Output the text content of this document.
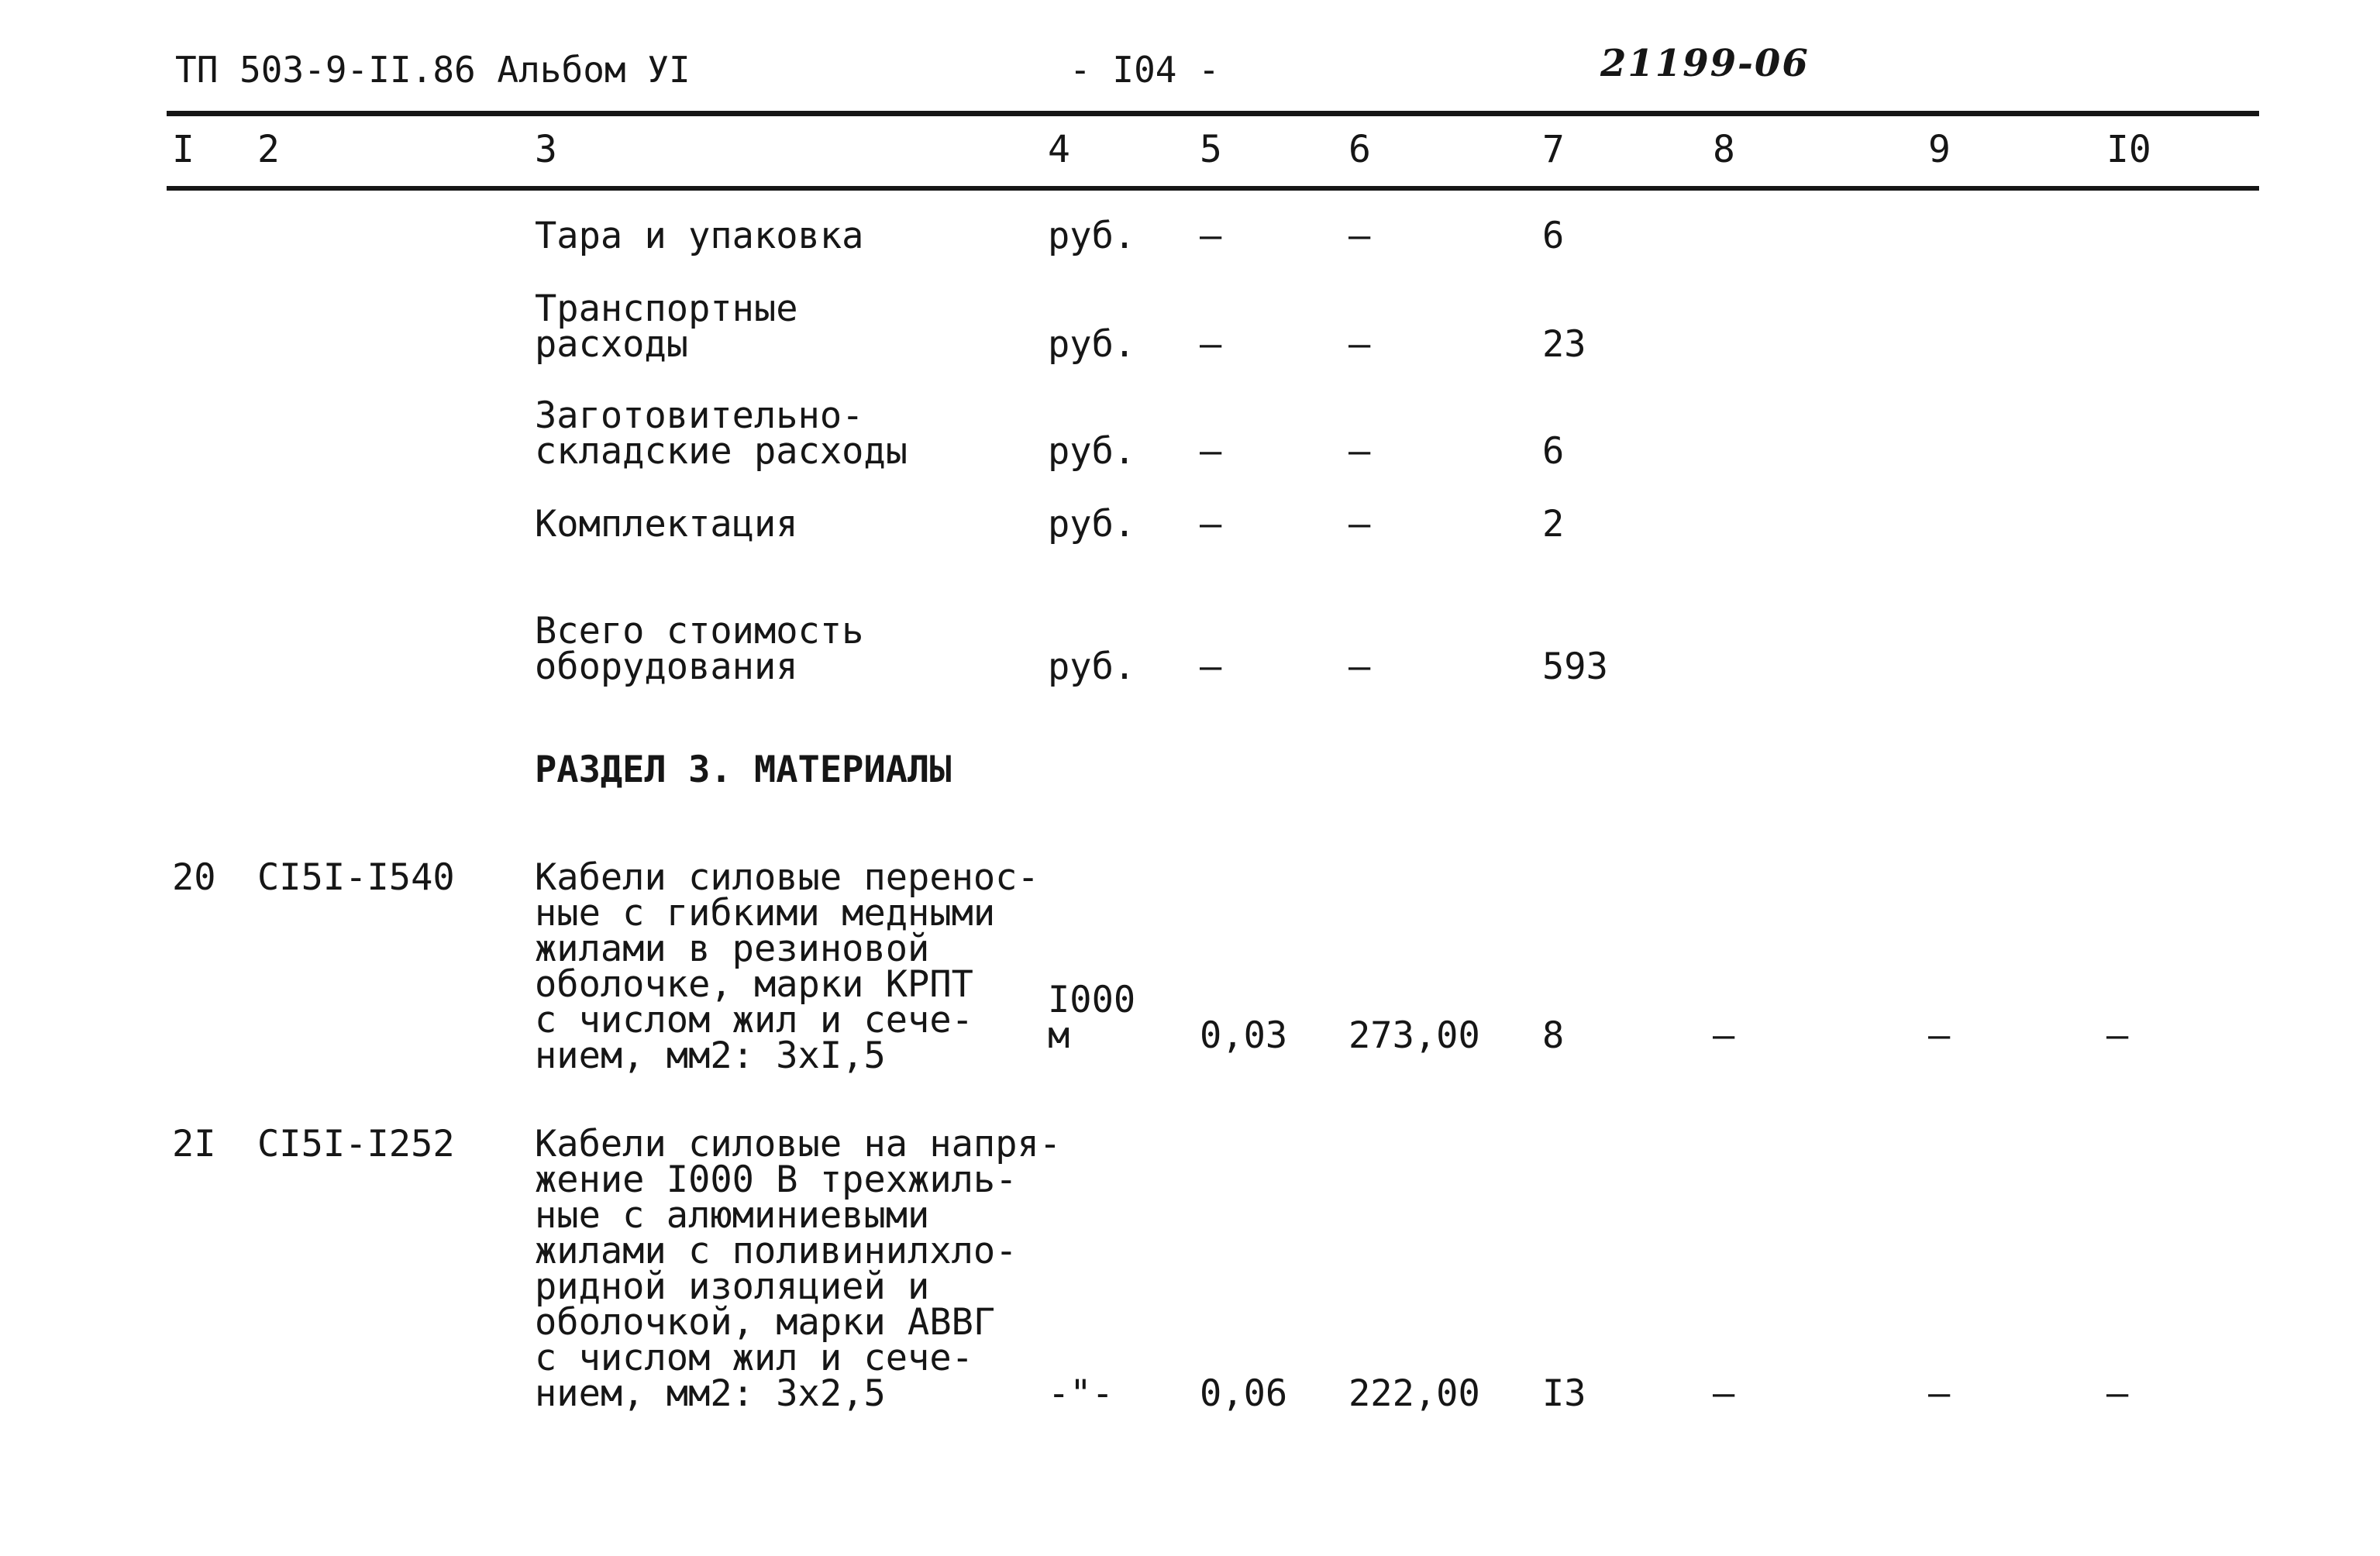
ТП 503-9-II.86 Альбом УI	- I04 -	21199-06
I 2	3	4	5	6	7	8	9	I0
Тара и упаковка	руб. –	–	6
Транспортные
расходы	руб. –	–	23
Заготовительно-
складские расходы	руб. –	–	6
Комплектация	руб. –	–	2
Всего стоимость
оборудования	руб. –	–	593
РАЗДЕЛ 3. МАТЕРИАЛЫ
20 CI5I-I540 Кабели силовые перенос-
ные с гибкими медными
жилами в резиновой
оболочке, марки КРПТ
с числом жил и сече-
нием, мм2: 3хI,5
I000
м	0,03 273,00 8	–	–	–
2I CI5I-I252 Кабели силовые на напря-
жение I000 В трехжиль-
ные с алюминиевыми
жилами с поливинилхло-
ридной изоляцией и
оболочкой, марки АВВГ
с числом жил и сече-
нием, мм2: 3х2,5	-"- 0,06 222,00 I3	–	–	–
